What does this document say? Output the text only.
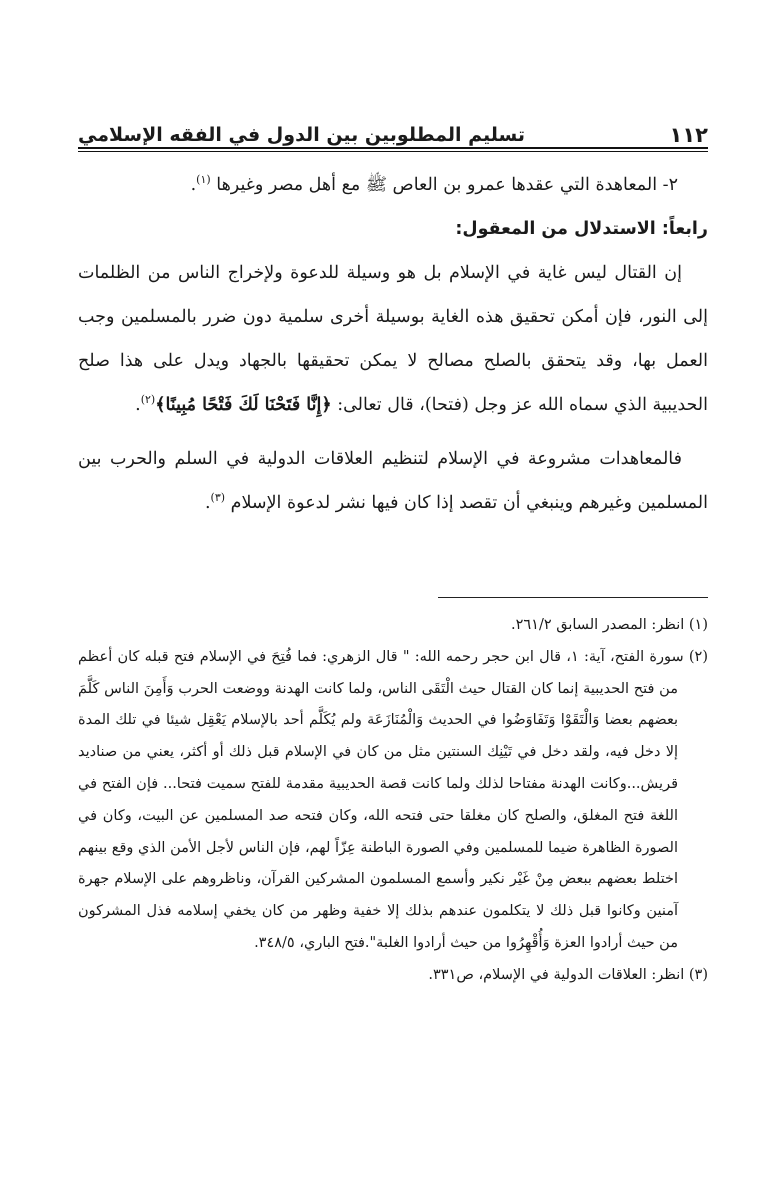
١١٢
تسليم المطلوبين بين الدول في الفقه الإسلامي

٢- المعاهدة التي عقدها عمرو بن العاص ﷺ مع أهل مصر وغيرها $^{(١)}$.

رابعاً: الاستدلال من المعقول:

إن القتال ليس غاية في الإسلام بل هو وسيلة للدعوة ولإخراج الناس من الظلمات إلى النور، فإن أمكن تحقيق هذه الغاية بوسيلة أخرى سلمية دون ضرر بالمسلمين وجب العمل بها، وقد يتحقق بالصلح مصالح لا يمكن تحقيقها بالجهاد ويدل على هذا صلح الحديبية الذي سماه الله عز وجل (فتحا)، قال تعالى: ﴿إِنَّا فَتَحْنَا لَكَ فَتْحًا مُبِينًا﴾$^{(٢)}$.

فالمعاهدات مشروعة في الإسلام لتنظيم العلاقات الدولية في السلم والحرب بين المسلمين وغيرهم وينبغي أن تقصد إذا كان فيها نشر لدعوة الإسلام $^{(٣)}$.

(١) انظر: المصدر السابق ٢٦١/٢.

(٢) سورة الفتح، آية: ١، قال ابن حجر رحمه الله: " قال الزهري: فما فُتِحَ في الإسلام فتح قبله كان أعظم من فتح الحديبية إنما كان القتال حيث الْتَقَى الناس، ولما كانت الهدنة ووضعت الحرب وَأَمِنَ الناس كَلَّمَ بعضهم بعضا وَالْتَقَوْا وَتَفَاوَضُوا في الحديث وَالْمُنَازَعَة ولم يُكَلَّم أحد بالإسلام يَعْقِل شيئا في تلك المدة إلا دخل فيه، ولقد دخل في تَيْنِك السنتين مثل من كان في الإسلام قبل ذلك أو أكثر، يعني من صناديد قريش...وكانت الهدنة مفتاحا لذلك ولما كانت قصة الحديبية مقدمة للفتح سميت فتحا... فإن الفتح في اللغة فتح المغلق، والصلح كان مغلقا حتى فتحه الله، وكان فتحه صد المسلمين عن البيت، وكان في الصورة الظاهرة ضيما للمسلمين وفي الصورة الباطنة عِزّاً لهم، فإن الناس لأجل الأمن الذي وقع بينهم اختلط بعضهم ببعض مِنْ غَيْر نكير وأسمع المسلمون المشركين القرآن، وناظروهم على الإسلام جهرة آمنين وكانوا قبل ذلك لا يتكلمون عندهم بذلك إلا خفية وظهر من كان يخفي إسلامه فذل المشركون من حيث أرادوا العزة وَأُقْهِرُوا من حيث أرادوا الغلبة".فتح الباري، ٣٤٨/٥.

(٣) انظر: العلاقات الدولية في الإسلام، ص٣٣١.
